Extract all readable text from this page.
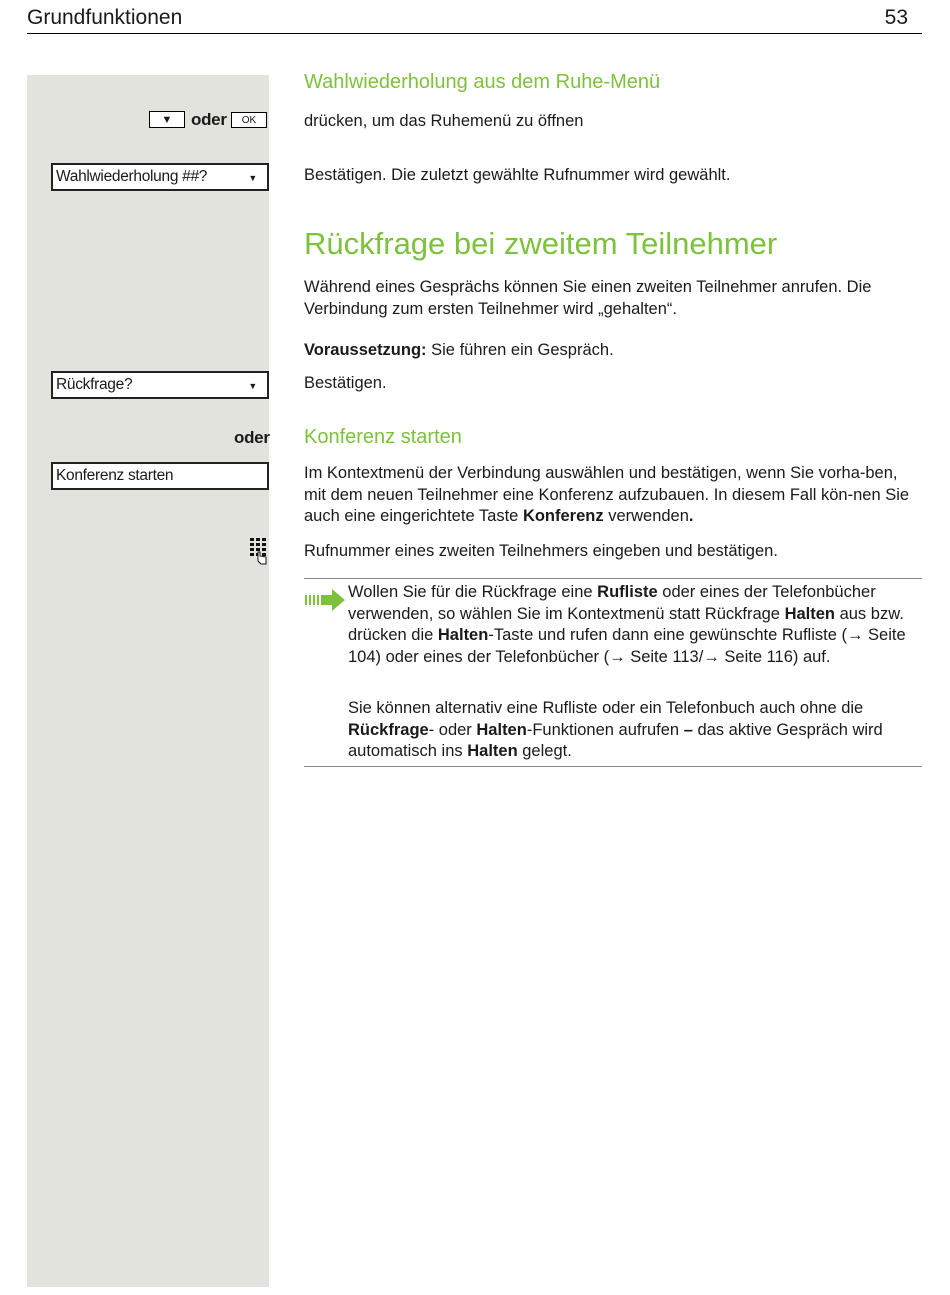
Grundfunktionen	53
▼ oder	OK
Wahlwiederholung ##?	▼
Rückfrage?	▼
oder
Konferenz starten
Wahlwiederholung aus dem Ruhe-Menü
drücken, um das Ruhemenü zu öffnen
Bestätigen. Die zuletzt gewählte Rufnummer wird gewählt.
Rückfrage bei zweitem Teilnehmer
Während eines Gesprächs können Sie einen zweiten Teilnehmer anrufen. Die Verbindung zum ersten Teilnehmer wird „gehalten“.
Voraussetzung: Sie führen ein Gespräch.
Bestätigen.
Konferenz starten
Im Kontextmenü der Verbindung auswählen und bestätigen, wenn Sie vorha-ben, mit dem neuen Teilnehmer eine Konferenz aufzubauen. In diesem Fall kön-nen Sie auch eine eingerichtete Taste Konferenz verwenden.
Rufnummer eines zweiten Teilnehmers eingeben und bestätigen.
Wollen Sie für die Rückfrage eine Rufliste oder eines der Telefonbücher verwenden, so wählen Sie im Kontextmenü statt Rückfrage Halten aus bzw. drücken die Halten-Taste und rufen dann eine gewünschte Rufliste (→ Seite 104) oder eines der Telefonbücher (→ Seite 113/→ Seite 116) auf.
Sie können alternativ eine Rufliste oder ein Telefonbuch auch ohne die Rückfrage- oder Halten-Funktionen aufrufen – das aktive Gespräch wird automatisch ins Halten gelegt.
